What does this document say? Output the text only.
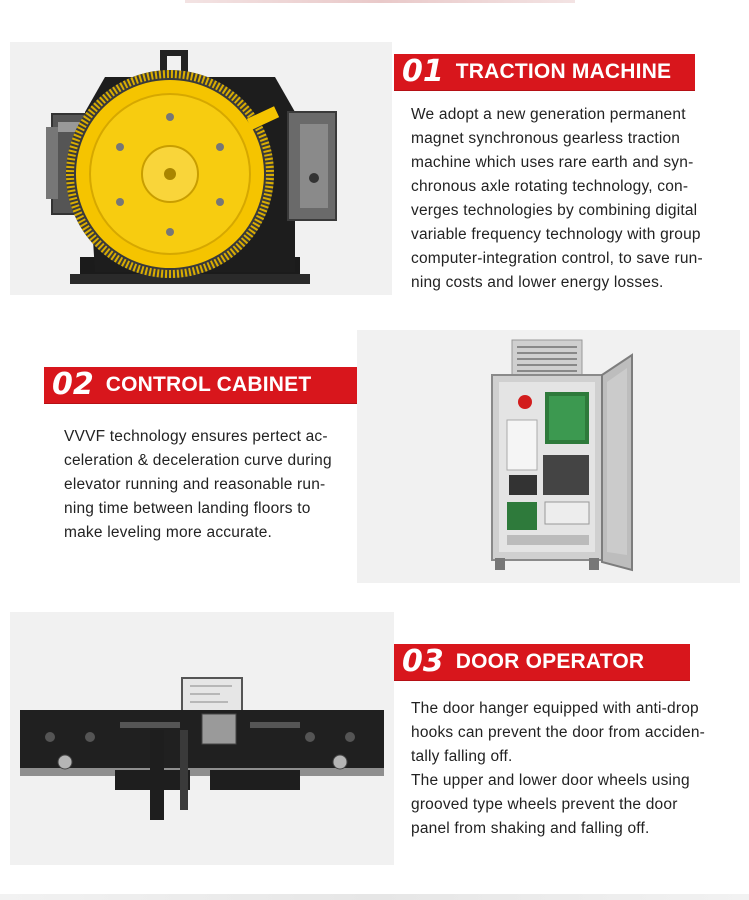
01 TRACTION MACHINE
We adopt a new generation permanent
magnet synchronous gearless traction
machine which uses rare earth and syn-
chronous axle rotating technology, con-
verges technologies by combining digital
variable frequency technology with group
computer-integration control, to save run-
ning costs and lower energy losses.
02 CONTROL CABINET
VVVF technology ensures pertect ac-
celeration & deceleration curve during
elevator running and reasonable run-
ning time between landing floors to
make leveling more accurate.
03 DOOR OPERATOR
The door hanger equipped with anti-drop
hooks can prevent the door from acciden-
tally falling off.
The upper and lower door wheels using
grooved type wheels prevent the door
panel from shaking and falling off.
